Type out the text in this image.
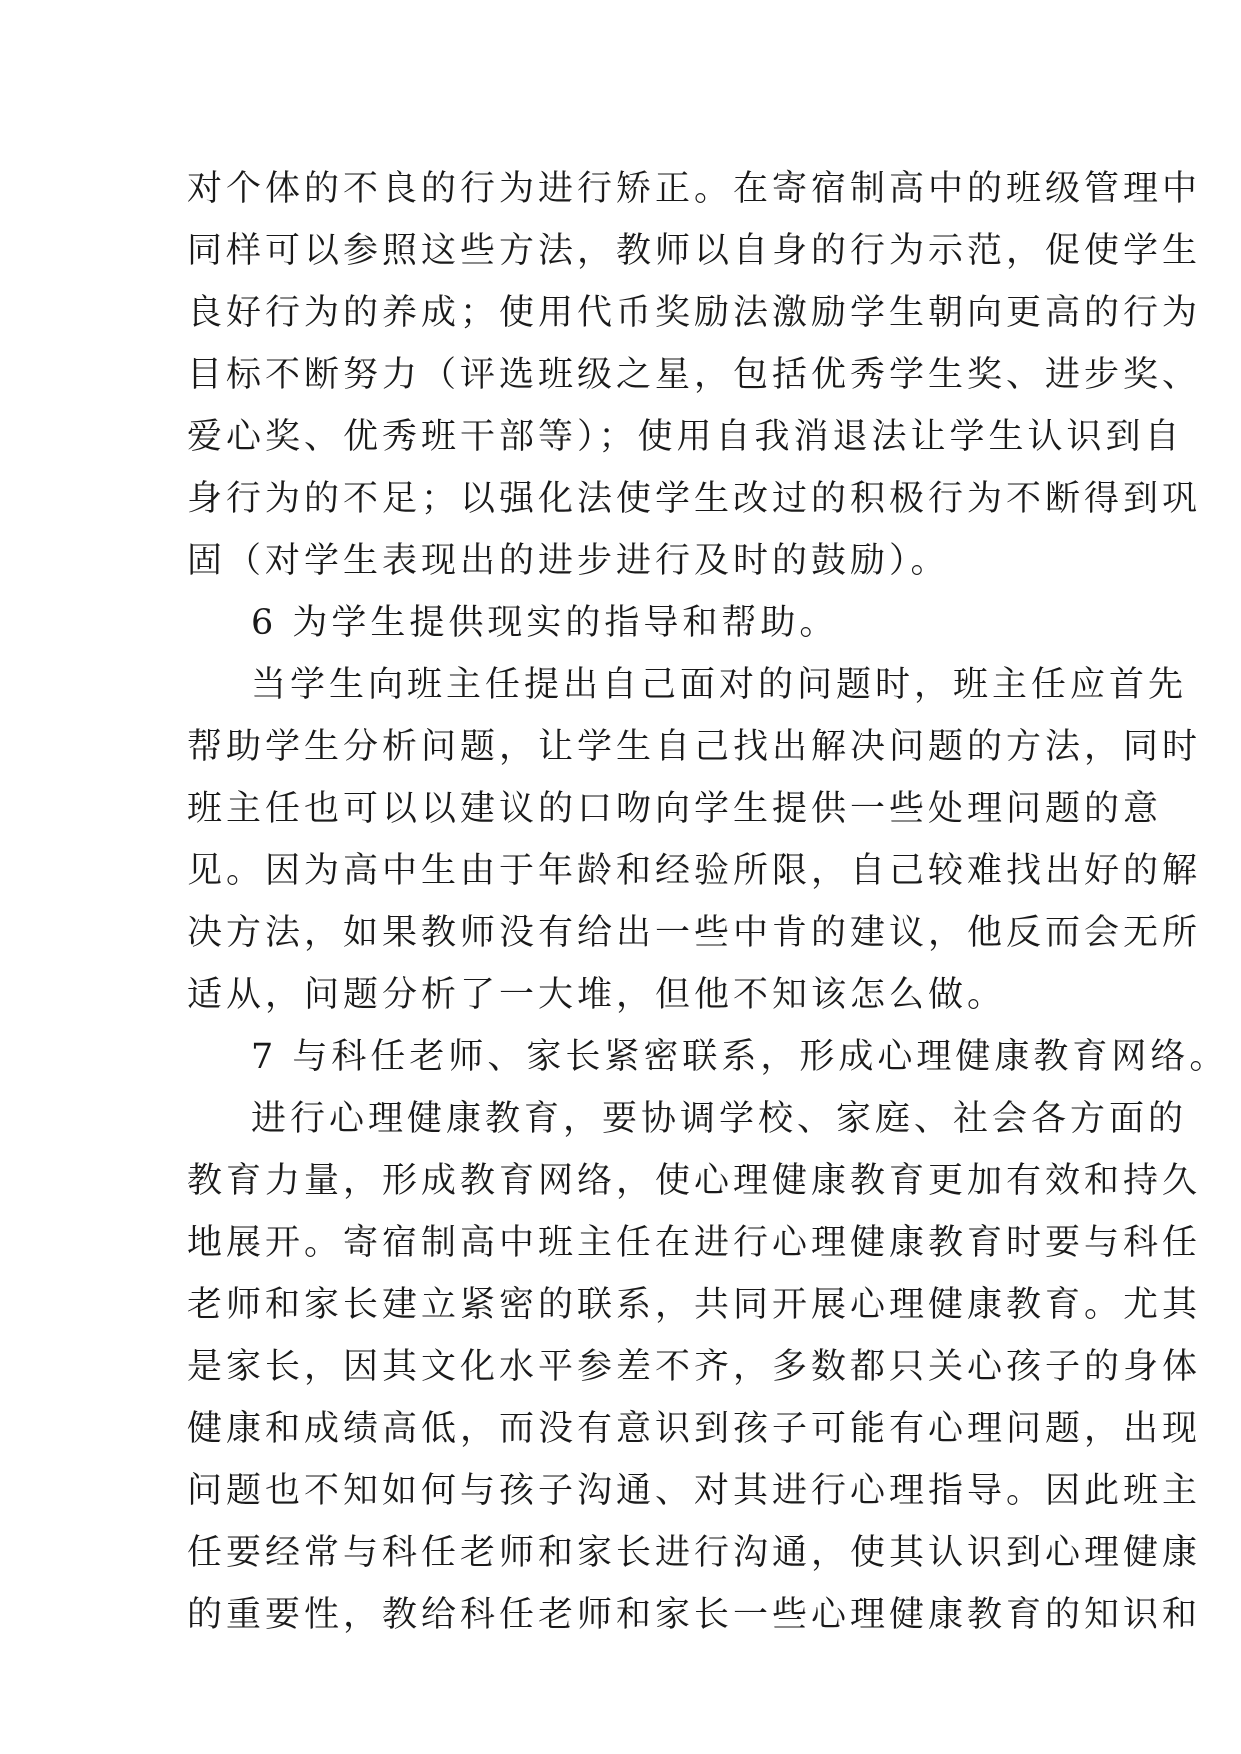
对个体的不良的行为进行矫正。在寄宿制高中的班级管理中
同样可以参照这些方法，教师以自身的行为示范，促使学生
良好行为的养成；使用代币奖励法激励学生朝向更高的行为
目标不断努力（评选班级之星，包括优秀学生奖、进步奖、
爱心奖、优秀班干部等）；使用自我消退法让学生认识到自
身行为的不足；以强化法使学生改过的积极行为不断得到巩
固（对学生表现出的进步进行及时的鼓励）。
6 为学生提供现实的指导和帮助。
当学生向班主任提出自己面对的问题时，班主任应首先
帮助学生分析问题，让学生自己找出解决问题的方法，同时
班主任也可以以建议的口吻向学生提供一些处理问题的意
见。因为高中生由于年龄和经验所限，自己较难找出好的解
决方法，如果教师没有给出一些中肯的建议，他反而会无所
适从，问题分析了一大堆，但他不知该怎么做。
7 与科任老师、家长紧密联系，形成心理健康教育网络。
进行心理健康教育，要协调学校、家庭、社会各方面的
教育力量，形成教育网络，使心理健康教育更加有效和持久
地展开。寄宿制高中班主任在进行心理健康教育时要与科任
老师和家长建立紧密的联系，共同开展心理健康教育。尤其
是家长，因其文化水平参差不齐，多数都只关心孩子的身体
健康和成绩高低，而没有意识到孩子可能有心理问题，出现
问题也不知如何与孩子沟通、对其进行心理指导。因此班主
任要经常与科任老师和家长进行沟通，使其认识到心理健康
的重要性，教给科任老师和家长一些心理健康教育的知识和
